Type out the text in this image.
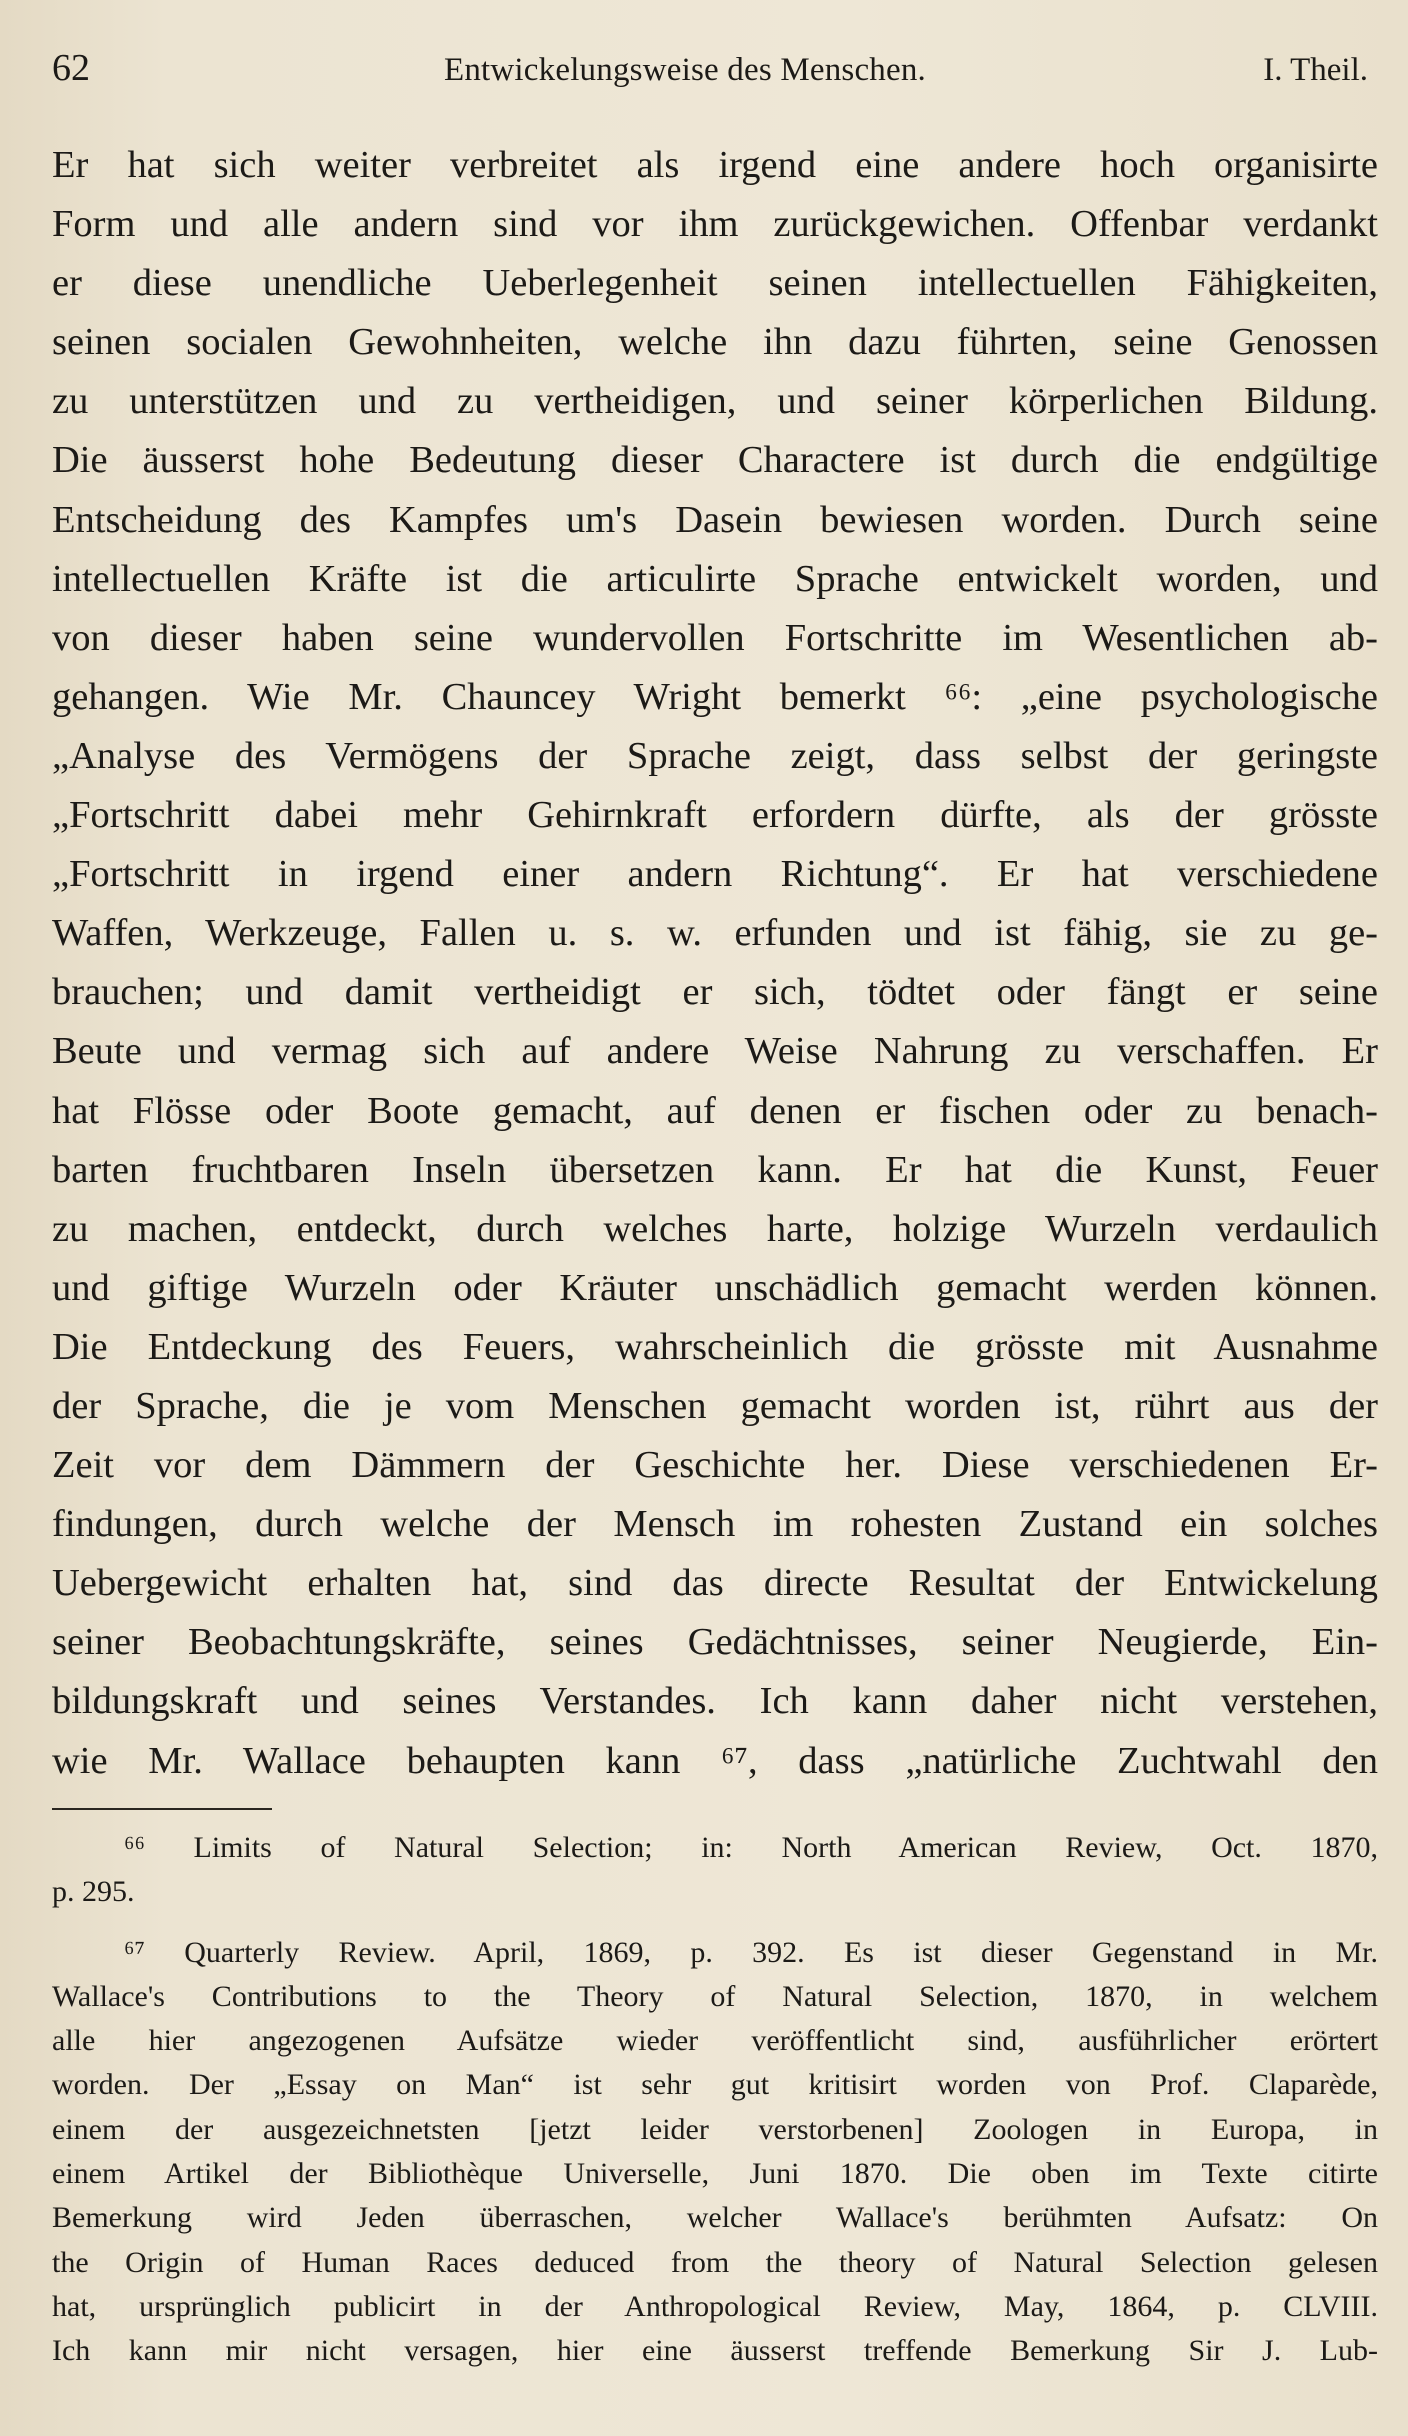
62	Entwickelungsweise des Menschen.	I. Theil.
Er hat sich weiter verbreitet als irgend eine andere hoch organisirte
Form und alle andern sind vor ihm zurückgewichen. Offenbar verdankt
er diese unendliche Ueberlegenheit seinen intellectuellen Fähigkeiten,
seinen socialen Gewohnheiten, welche ihn dazu führten, seine Genossen
zu unterstützen und zu vertheidigen, und seiner körperlichen Bildung.
Die äusserst hohe Bedeutung dieser Charactere ist durch die endgültige
Entscheidung des Kampfes um's Dasein bewiesen worden. Durch seine
intellectuellen Kräfte ist die articulirte Sprache entwickelt worden, und
von dieser haben seine wundervollen Fortschritte im Wesentlichen ab-
gehangen. Wie Mr. Chauncey Wright bemerkt ⁶⁶: „eine psychologische
„Analyse des Vermögens der Sprache zeigt, dass selbst der geringste
„Fortschritt dabei mehr Gehirnkraft erfordern dürfte, als der grösste
„Fortschritt in irgend einer andern Richtung“. Er hat verschiedene
Waffen, Werkzeuge, Fallen u. s. w. erfunden und ist fähig, sie zu ge-
brauchen; und damit vertheidigt er sich, tödtet oder fängt er seine
Beute und vermag sich auf andere Weise Nahrung zu verschaffen. Er
hat Flösse oder Boote gemacht, auf denen er fischen oder zu benach-
barten fruchtbaren Inseln übersetzen kann. Er hat die Kunst, Feuer
zu machen, entdeckt, durch welches harte, holzige Wurzeln verdaulich
und giftige Wurzeln oder Kräuter unschädlich gemacht werden können.
Die Entdeckung des Feuers, wahrscheinlich die grösste mit Ausnahme
der Sprache, die je vom Menschen gemacht worden ist, rührt aus der
Zeit vor dem Dämmern der Geschichte her. Diese verschiedenen Er-
findungen, durch welche der Mensch im rohesten Zustand ein solches
Uebergewicht erhalten hat, sind das directe Resultat der Entwickelung
seiner Beobachtungskräfte, seines Gedächtnisses, seiner Neugierde, Ein-
bildungskraft und seines Verstandes. Ich kann daher nicht verstehen,
wie Mr. Wallace behaupten kann ⁶⁷, dass „natürliche Zuchtwahl den
⁶⁶ Limits of Natural Selection; in: North American Review, Oct. 1870,
p. 295.
⁶⁷ Quarterly Review. April, 1869, p. 392. Es ist dieser Gegenstand in Mr.
Wallace's Contributions to the Theory of Natural Selection, 1870, in welchem
alle hier angezogenen Aufsätze wieder veröffentlicht sind, ausführlicher erörtert
worden. Der „Essay on Man“ ist sehr gut kritisirt worden von Prof. Claparède,
einem der ausgezeichnetsten [jetzt leider verstorbenen] Zoologen in Europa, in
einem Artikel der Bibliothèque Universelle, Juni 1870. Die oben im Texte citirte
Bemerkung wird Jeden überraschen, welcher Wallace's berühmten Aufsatz: On
the Origin of Human Races deduced from the theory of Natural Selection gelesen
hat, ursprünglich publicirt in der Anthropological Review, May, 1864, p. CLVIII.
Ich kann mir nicht versagen, hier eine äusserst treffende Bemerkung Sir J. Lub-
